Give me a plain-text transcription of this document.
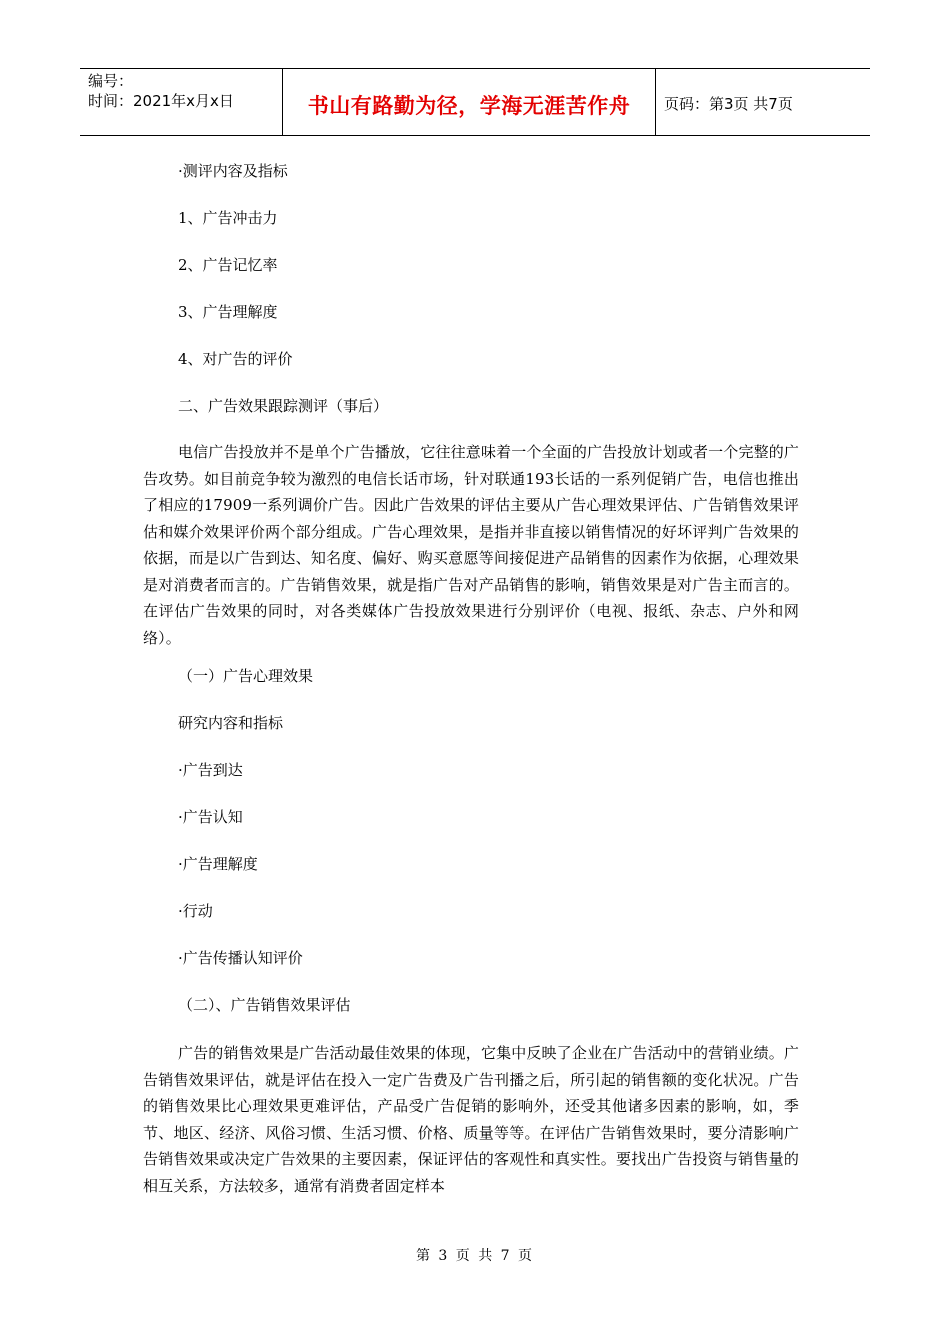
编号：
时间：2021年x月x日	书山有路勤为径，学海无涯苦作舟	页码：第3页 共7页
·测评内容及指标
1、广告冲击力
2、广告记忆率
3、广告理解度
4、对广告的评价
二、广告效果跟踪测评（事后）
电信广告投放并不是单个广告播放，它往往意味着一个全面的广告投放计划或者一个完整的广告攻势。如目前竞争较为激烈的电信长话市场，针对联通193长话的一系列促销广告，电信也推出了相应的17909一系列调价广告。因此广告效果的评估主要从广告心理效果评估、广告销售效果评估和媒介效果评价两个部分组成。广告心理效果，是指并非直接以销售情况的好坏评判广告效果的依据，而是以广告到达、知名度、偏好、购买意愿等间接促进产品销售的因素作为依据，心理效果是对消费者而言的。广告销售效果，就是指广告对产品销售的影响，销售效果是对广告主而言的。在评估广告效果的同时，对各类媒体广告投放效果进行分别评价（电视、报纸、杂志、户外和网络）。
（一）广告心理效果
研究内容和指标
·广告到达
·广告认知
·广告理解度
·行动
·广告传播认知评价
（二）、广告销售效果评估
广告的销售效果是广告活动最佳效果的体现，它集中反映了企业在广告活动中的营销业绩。广告销售效果评估，就是评估在投入一定广告费及广告刊播之后，所引起的销售额的变化状况。广告的销售效果比心理效果更难评估，产品受广告促销的影响外，还受其他诸多因素的影响，如，季节、地区、经济、风俗习惯、生活习惯、价格、质量等等。在评估广告销售效果时，要分清影响广告销售效果或决定广告效果的主要因素，保证评估的客观性和真实性。要找出广告投资与销售量的相互关系，方法较多，通常有消费者固定样本
第 3 页 共 7 页
